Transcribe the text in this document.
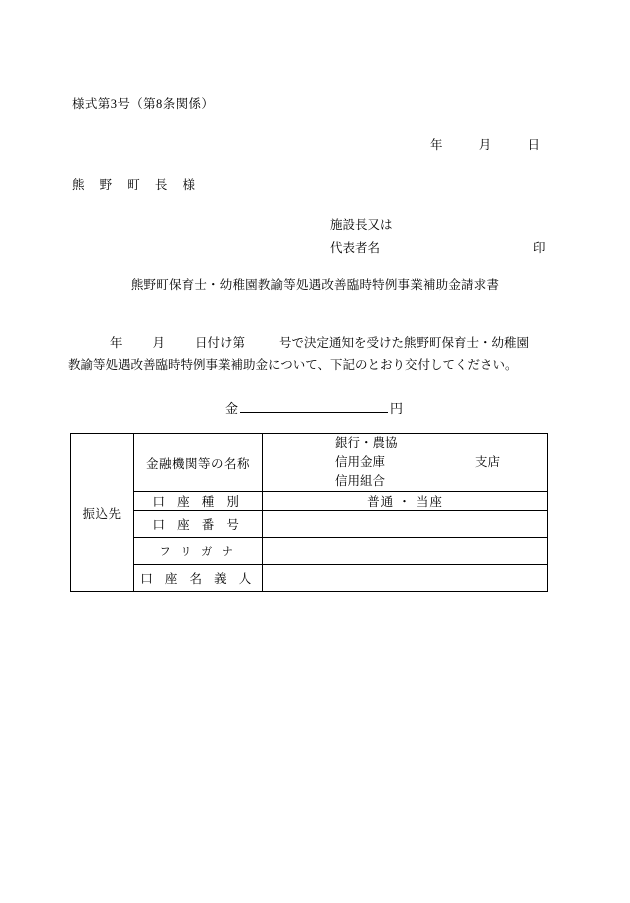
様式第3号（第8条関係）
年	月	日
熊 野 町 長 様
施設長又は
代表者名	印
熊野町保育士・幼稚園教諭等処遇改善臨時特例事業補助金請求書
年 月 日付け第	号で決定通知を受けた熊野町保育士・幼稚園
教諭等処遇改善臨時特例事業補助金について、下記のとおり交付してください。
金	円
振込先	金融機関等の名称	銀行・農協
信用金庫 支店
信用組合

	口 座 種 別	普通 ・ 当座
	口 座 番 号	
	フ リ ガ ナ	
	口 座 名 義 人	
